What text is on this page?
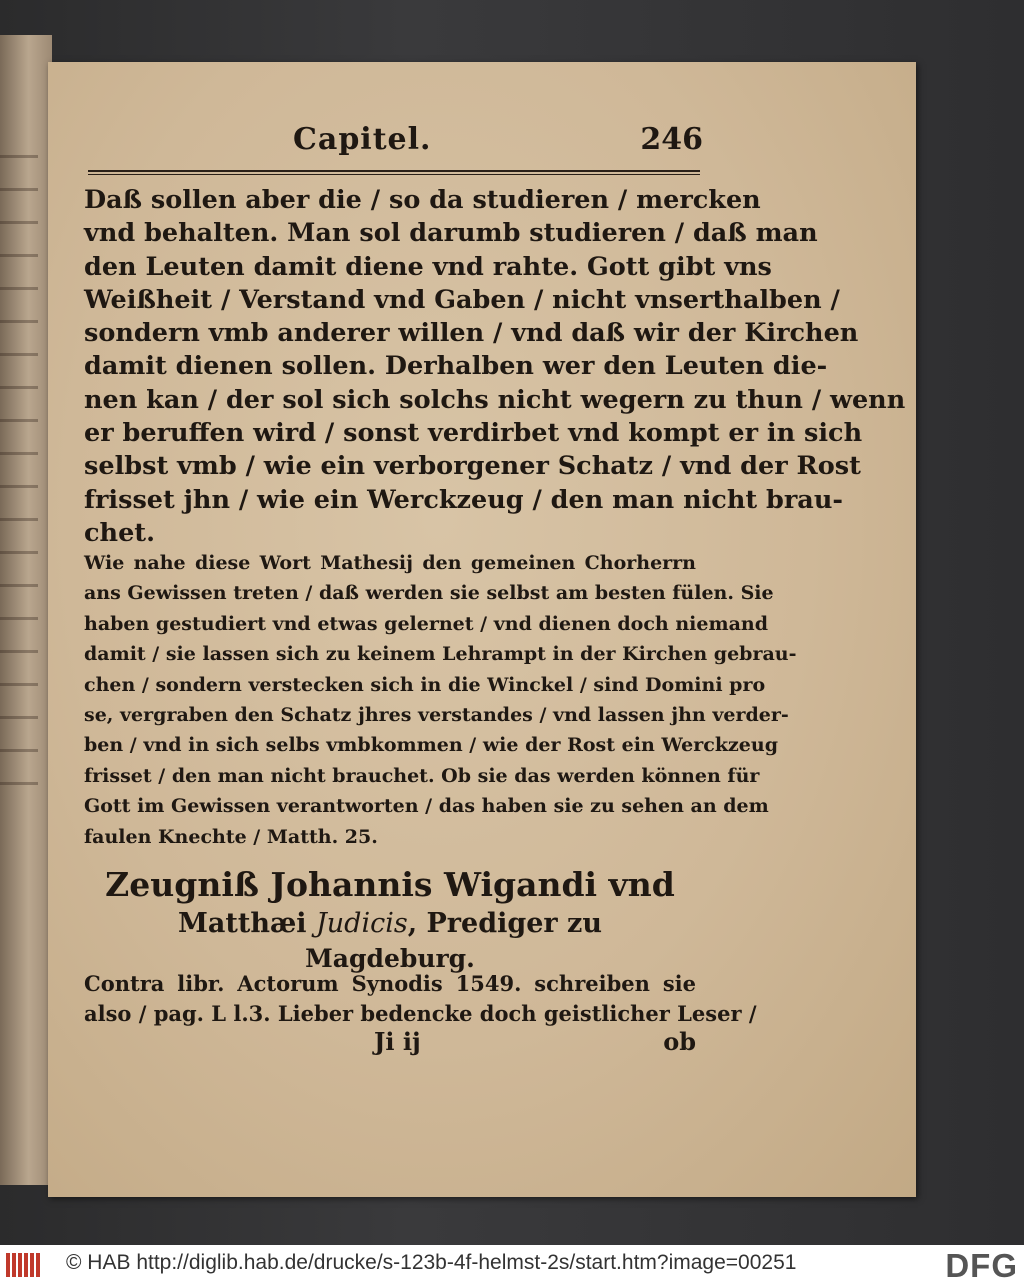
Capitel.	246
Daß sollen aber die / so da studieren / mercken
vnd behalten. Man sol darumb studieren / daß man
den Leuten damit diene vnd rahte. Gott gibt vns
Weißheit / Verstand vnd Gaben / nicht vnserthalben /
sondern vmb anderer willen / vnd daß wir der Kirchen
damit dienen sollen. Derhalben wer den Leuten die-
nen kan / der sol sich solchs nicht wegern zu thun / wenn
er beruffen wird / sonst verdirbet vnd kompt er in sich
selbst vmb / wie ein verborgener Schatz / vnd der Rost
frisset jhn / wie ein Werckzeug / den man nicht brau-
chet.
Wie nahe diese Wort Mathesij den gemeinen Chorherrn
ans Gewissen treten / daß werden sie selbst am besten fülen. Sie
haben gestudiert vnd etwas gelernet / vnd dienen doch niemand
damit / sie lassen sich zu keinem Lehrampt in der Kirchen gebrau-
chen / sondern verstecken sich in die Winckel / sind Domini pro
se, vergraben den Schatz jhres verstandes / vnd lassen jhn verder-
ben / vnd in sich selbs vmbkommen / wie der Rost ein Werckzeug
frisset / den man nicht brauchet. Ob sie das werden können für
Gott im Gewissen verantworten / das haben sie zu sehen an dem
faulen Knechte / Matth. 25.
Zeugniß Johannis Wigandi vnd
Matthæi Judicis, Prediger zu
Magdeburg.
Contra libr. Actorum Synodis 1549. schreiben sie
also / pag. L l.3. Lieber bedencke doch geistlicher Leser /
Ji ij	ob
© HAB http://diglib.hab.de/drucke/s-123b-4f-helmst-2s/start.htm?image=00251	DFG
